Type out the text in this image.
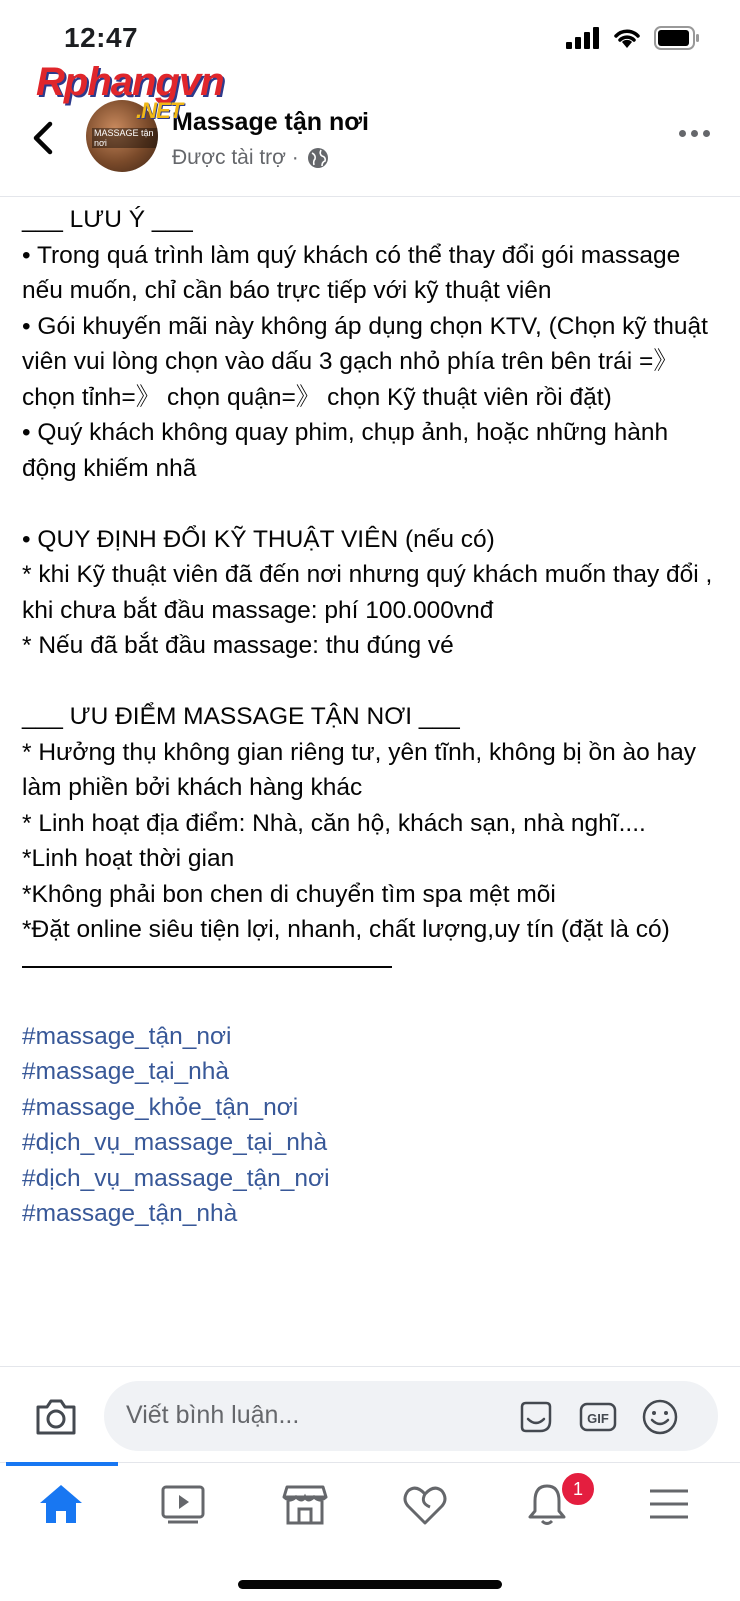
12:47
MASSAGE tận nơi
Massage tận nơi
Được tài trợ ·
Rphangvn
.NET
___ LƯU Ý ___
• Trong quá trình làm quý khách có thể thay đổi gói massage nếu muốn, chỉ cần báo trực tiếp với kỹ thuật viên
• Gói khuyến mãi này không áp dụng chọn KTV, (Chọn kỹ thuật viên vui lòng chọn vào dấu 3 gạch nhỏ phía trên bên trái =》 chọn tỉnh=》 chọn quận=》 chọn Kỹ thuật viên rồi đặt)
• Quý khách không quay phim, chụp ảnh, hoặc những hành động khiếm nhã

• QUY ĐỊNH ĐỔI KỸ THUẬT VIÊN (nếu có)
* khi Kỹ thuật viên đã đến nơi nhưng quý khách muốn thay đổi , khi chưa bắt đầu massage: phí 100.000vnđ
* Nếu đã bắt đầu massage: thu đúng vé

___ ƯU ĐIỂM MASSAGE TẬN NƠI ___
* Hưởng thụ không gian riêng tư, yên tĩnh, không bị ồn ào hay làm phiền bởi khách hàng khác
* Linh hoạt địa điểm: Nhà, căn hộ, khách sạn, nhà nghĩ....
*Linh hoạt thời gian
*Không phải bon chen di chuyển tìm spa mệt mõi
*Đặt online siêu tiện lợi, nhanh, chất lượng,uy tín (đặt là có)

#massage_tận_nơi
#massage_tại_nhà
#massage_khỏe_tận_nơi
#dịch_vụ_massage_tại_nhà
#dịch_vụ_massage_tận_nơi
#massage_tận_nhà
Viết bình luận...	GIF
1
